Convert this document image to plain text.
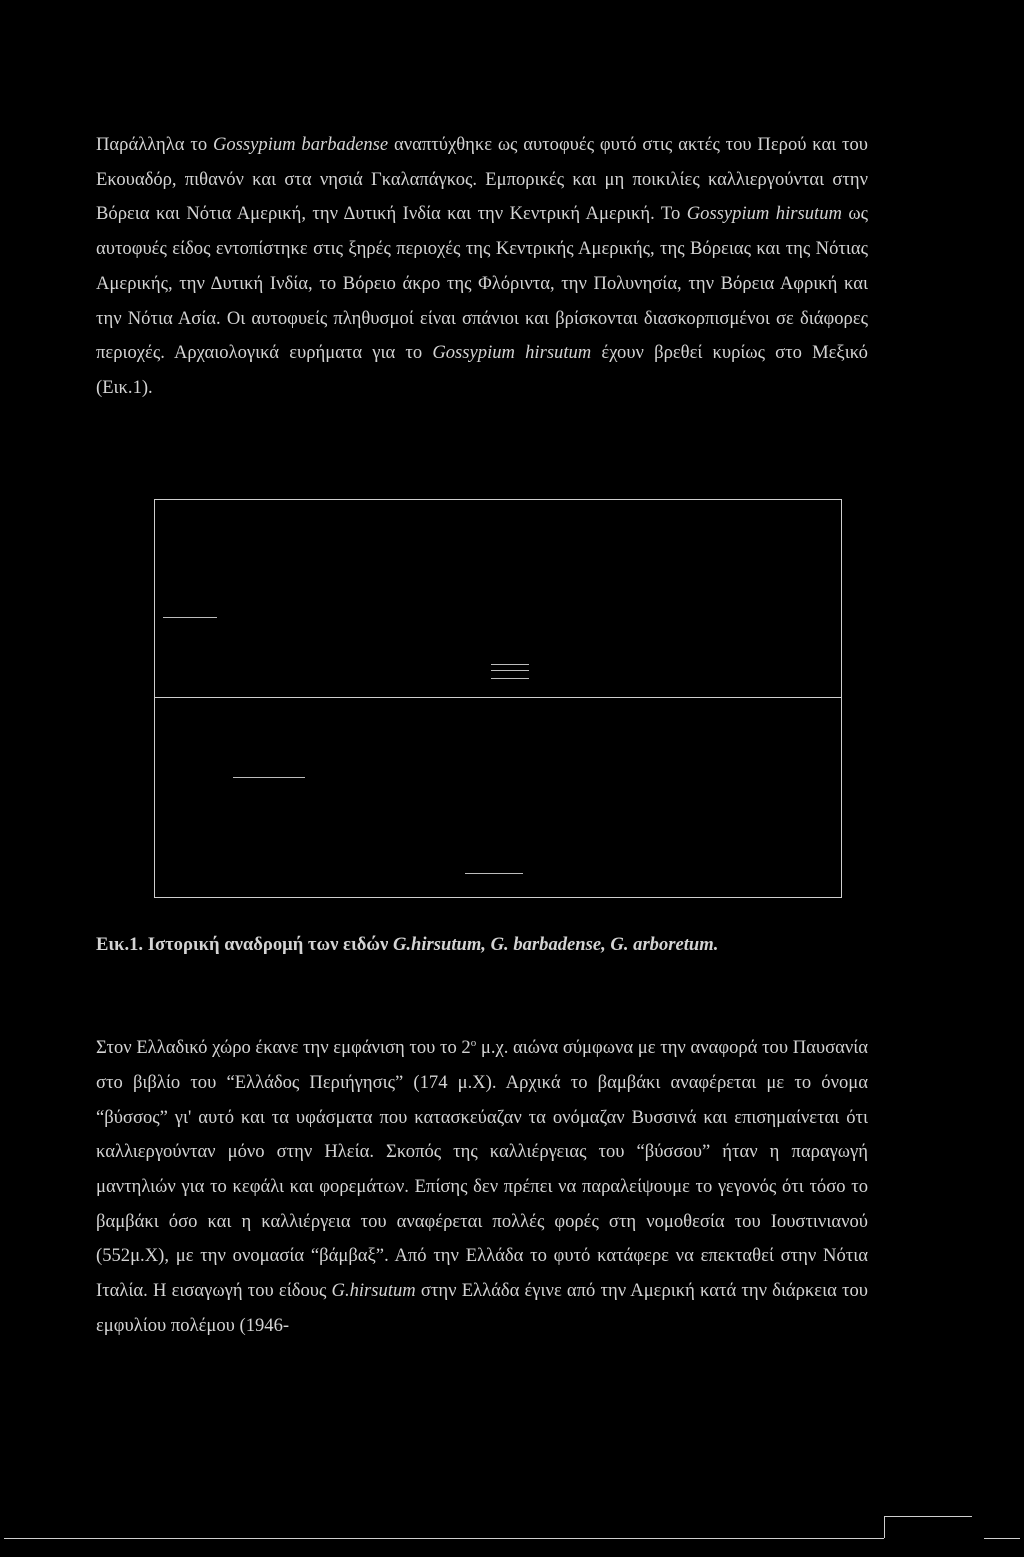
Παράλληλα το Gossypium barbadense αναπτύχθηκε ως αυτοφυές φυτό στις ακτές του Περού και του Εκουαδόρ, πιθανόν και στα νησιά Γκαλαπάγκος. Εμπορικές και μη ποικιλίες καλλιεργούνται στην Βόρεια και Νότια Αμερική, την Δυτική Ινδία και την Κεντρική Αμερική. Το Gossypium hirsutum ως αυτοφυές είδος εντοπίστηκε στις ξηρές περιοχές της Κεντρικής Αμερικής, της Βόρειας και της Νότιας Αμερικής, την Δυτική Ινδία, το Βόρειο άκρο της Φλόριντα, την Πολυνησία, την Βόρεια Αφρική και την Νότια Ασία. Οι αυτοφυείς πληθυσμοί είναι σπάνιοι και βρίσκονται διασκορπισμένοι σε διάφορες περιοχές. Αρχαιολογικά ευρήματα για το Gossypium hirsutum έχουν βρεθεί κυρίως στο Μεξικό (Εικ.1).

Εικ.1. Ιστορική αναδρομή των ειδών G.hirsutum, G. barbadense, G. arboretum.

Στον Ελλαδικό χώρο έκανε την εμφάνιση του το $2^o$ μ.χ. αιώνα σύμφωνα με την αναφορά του Παυσανία στο βιβλίο του “Ελλάδος Περιήγησις” (174 μ.Χ). Αρχικά το βαμβάκι αναφέρεται με το όνομα “βύσσος” γι' αυτό και τα υφάσματα που κατασκεύαζαν τα ονόμαζαν Βυσσινά και επισημαίνεται ότι καλλιεργούνταν μόνο στην Ηλεία. Σκοπός της καλλιέργειας του “βύσσου” ήταν η παραγωγή μαντηλιών για το κεφάλι και φορεμάτων. Επίσης δεν πρέπει να παραλείψουμε το γεγονός ότι τόσο το βαμβάκι όσο και η καλλιέργεια του αναφέρεται πολλές φορές στη νομοθεσία του Ιουστινιανού (552μ.Χ), με την ονομασία “βάμβαξ”. Από την Ελλάδα το φυτό κατάφερε να επεκταθεί στην Νότια Ιταλία. Η εισαγωγή του είδους G.hirsutum στην Ελλάδα έγινε από την Αμερική κατά την διάρκεια του εμφυλίου πολέμου (1946-
